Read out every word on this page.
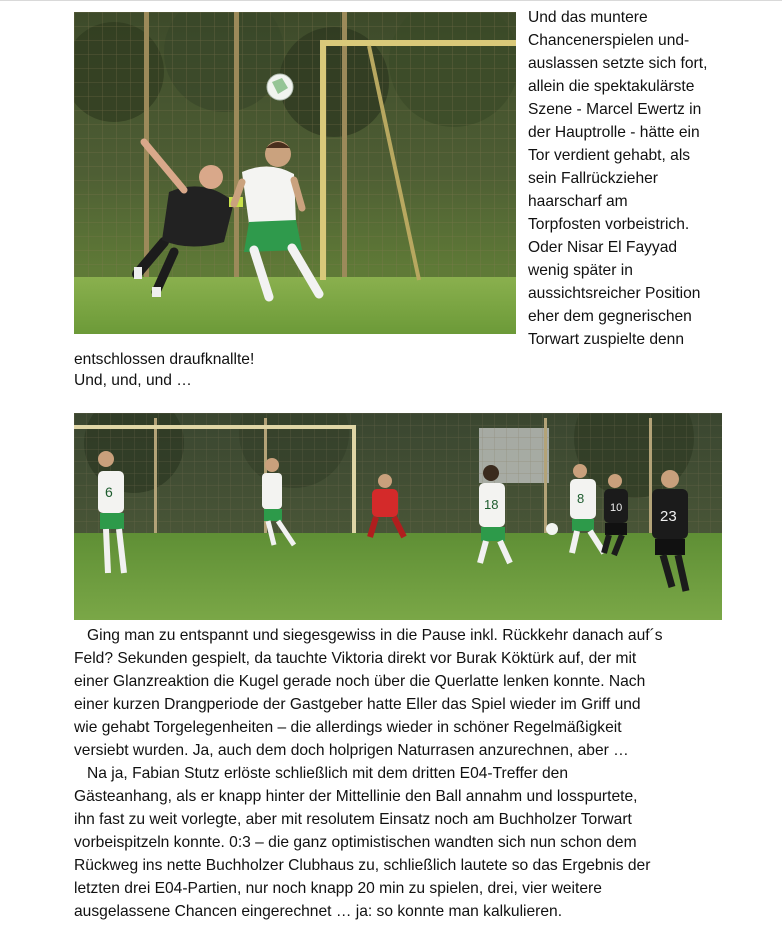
Und das muntere
Chancenerspielen und-
auslassen setzte sich fort,
allein die spektakulärste
Szene - Marcel Ewertz in
der Hauptrolle - hätte ein
Tor verdient gehabt, als
sein Fallrückzieher
haarscharf am
Torpfosten vorbeistrich.
Oder Nisar El Fayyad
wenig später in
aussichtsreicher Position
eher dem gegnerischen
Torwart zuspielte denn
entschlossen draufknallte!
Und, und, und …
6
18	8
10	23
Ging man zu entspannt und siegesgewiss in die Pause inkl. Rückkehr danach auf´s
Feld? Sekunden gespielt, da tauchte Viktoria direkt vor Burak Köktürk auf, der mit
einer Glanzreaktion die Kugel gerade noch über die Querlatte lenken konnte. Nach
einer kurzen Drangperiode der Gastgeber hatte Eller das Spiel wieder im Griff und
wie gehabt Torgelegenheiten – die allerdings wieder in schöner Regelmäßigkeit
versiebt wurden. Ja, auch dem doch holprigen Naturrasen anzurechnen, aber …
Na ja, Fabian Stutz erlöste schließlich mit dem dritten E04-Treffer den
Gästeanhang, als er knapp hinter der Mittellinie den Ball annahm und losspurtete,
ihn fast zu weit vorlegte, aber mit resolutem Einsatz noch am Buchholzer Torwart
vorbeispitzeln konnte. 0:3 – die ganz optimistischen wandten sich nun schon dem
Rückweg ins nette Buchholzer Clubhaus zu, schließlich lautete so das Ergebnis der
letzten drei E04-Partien, nur noch knapp 20 min zu spielen, drei, vier weitere
ausgelassene Chancen eingerechnet … ja: so konnte man kalkulieren.
